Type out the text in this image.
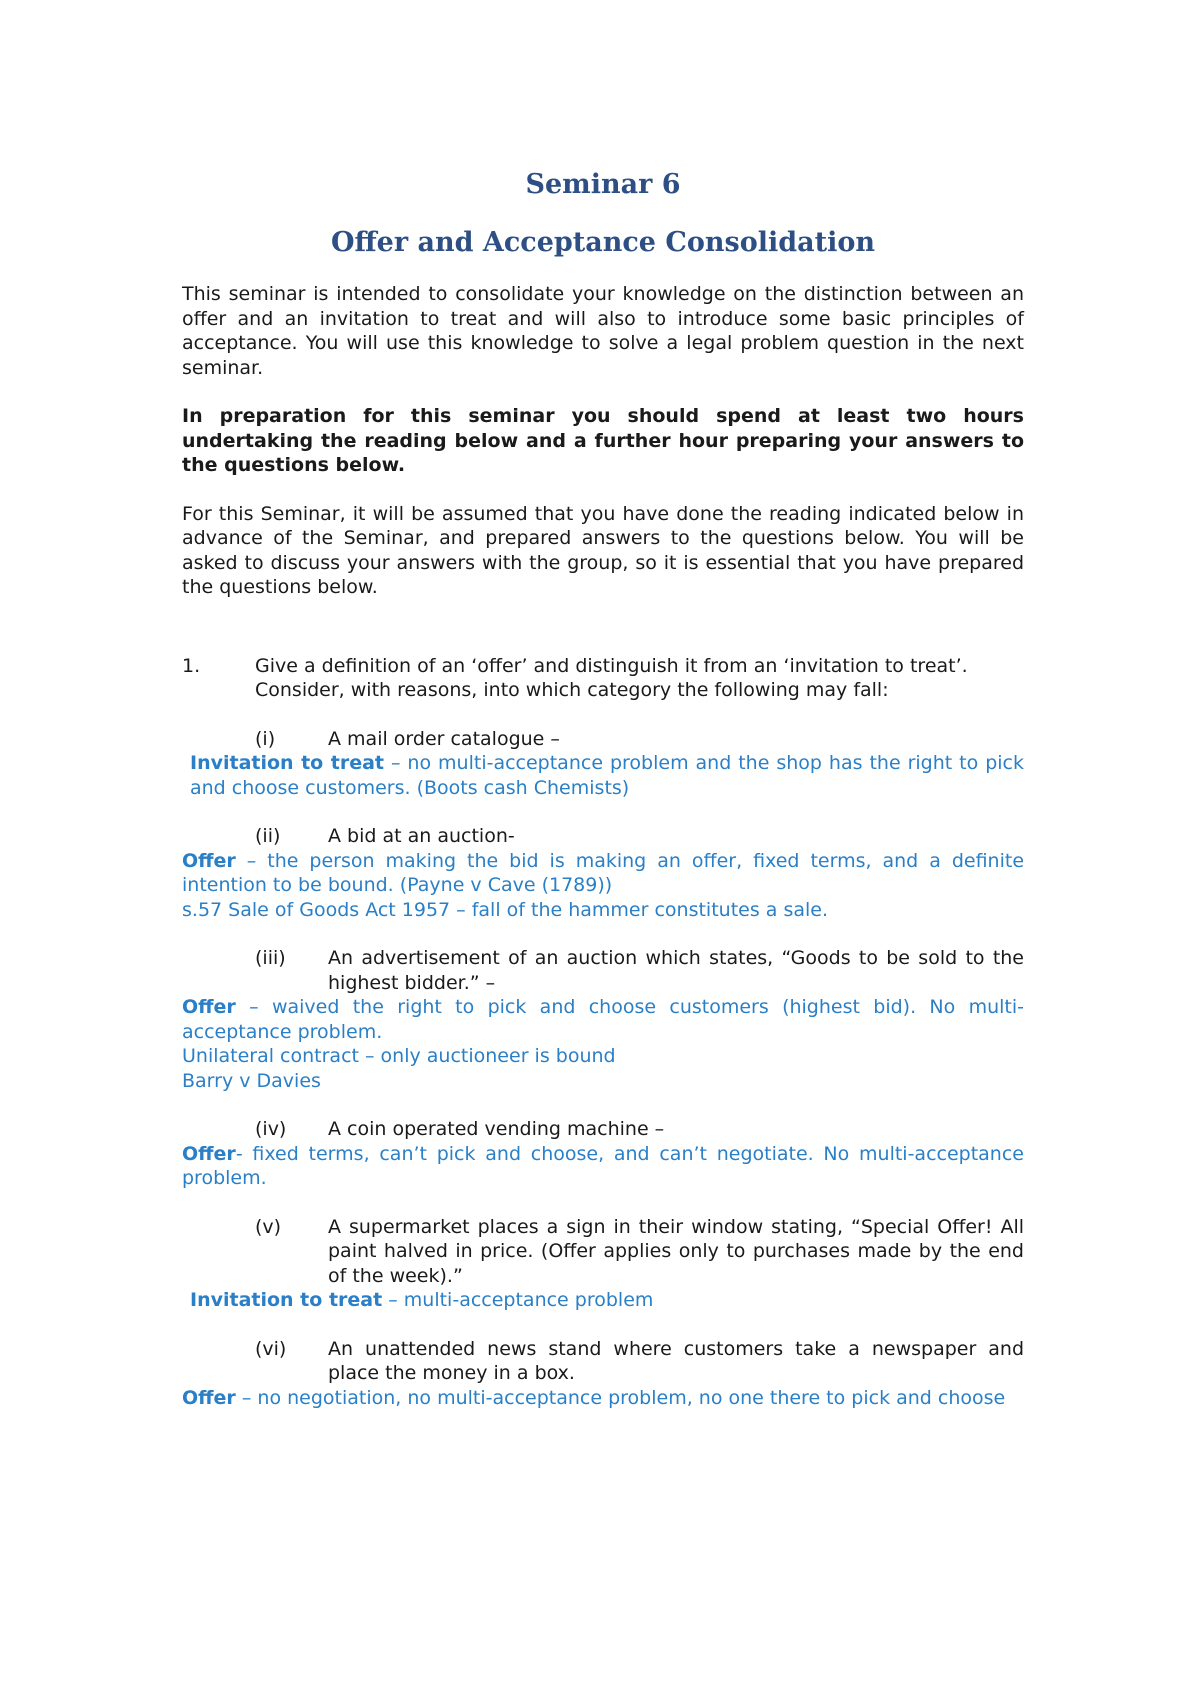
Seminar 6
Offer and Acceptance Consolidation

This seminar is intended to consolidate your knowledge on the distinction between an offer and an invitation to treat and will also to introduce some basic principles of acceptance. You will use this knowledge to solve a legal problem question in the next seminar.

In preparation for this seminar you should spend at least two hours undertaking the reading below and a further hour preparing your answers to the questions below.

For this Seminar, it will be assumed that you have done the reading indicated below in advance of the Seminar, and prepared answers to the questions below. You will be asked to discuss your answers with the group, so it is essential that you have prepared the questions below.

1.	Give a definition of an ‘offer’ and distinguish it from an ‘invitation to treat’. Consider, with reasons, into which category the following may fall:
(i)	A mail order catalogue –

Invitation to treat – no multi-acceptance problem and the shop has the right to pick and choose customers. (Boots cash Chemists)

(ii)	A bid at an auction-

Offer – the person making the bid is making an offer, fixed terms, and a definite intention to be bound. (Payne v Cave (1789))

s.57 Sale of Goods Act 1957 – fall of the hammer constitutes a sale.

(iii)	An advertisement of an auction which states, “Goods to be sold to the highest bidder.” –

Offer – waived the right to pick and choose customers (highest bid). No multi-acceptance problem.

Unilateral contract – only auctioneer is bound

Barry v Davies

(iv)	A coin operated vending machine –

Offer- fixed terms, can’t pick and choose, and can’t negotiate. No multi-acceptance problem.

(v)	A supermarket places a sign in their window stating, “Special Offer! All paint halved in price. (Offer applies only to purchases made by the end of the week).”

Invitation to treat – multi-acceptance problem

(vi)	An unattended news stand where customers take a newspaper and place the money in a box.

Offer – no negotiation, no multi-acceptance problem, no one there to pick and choose
